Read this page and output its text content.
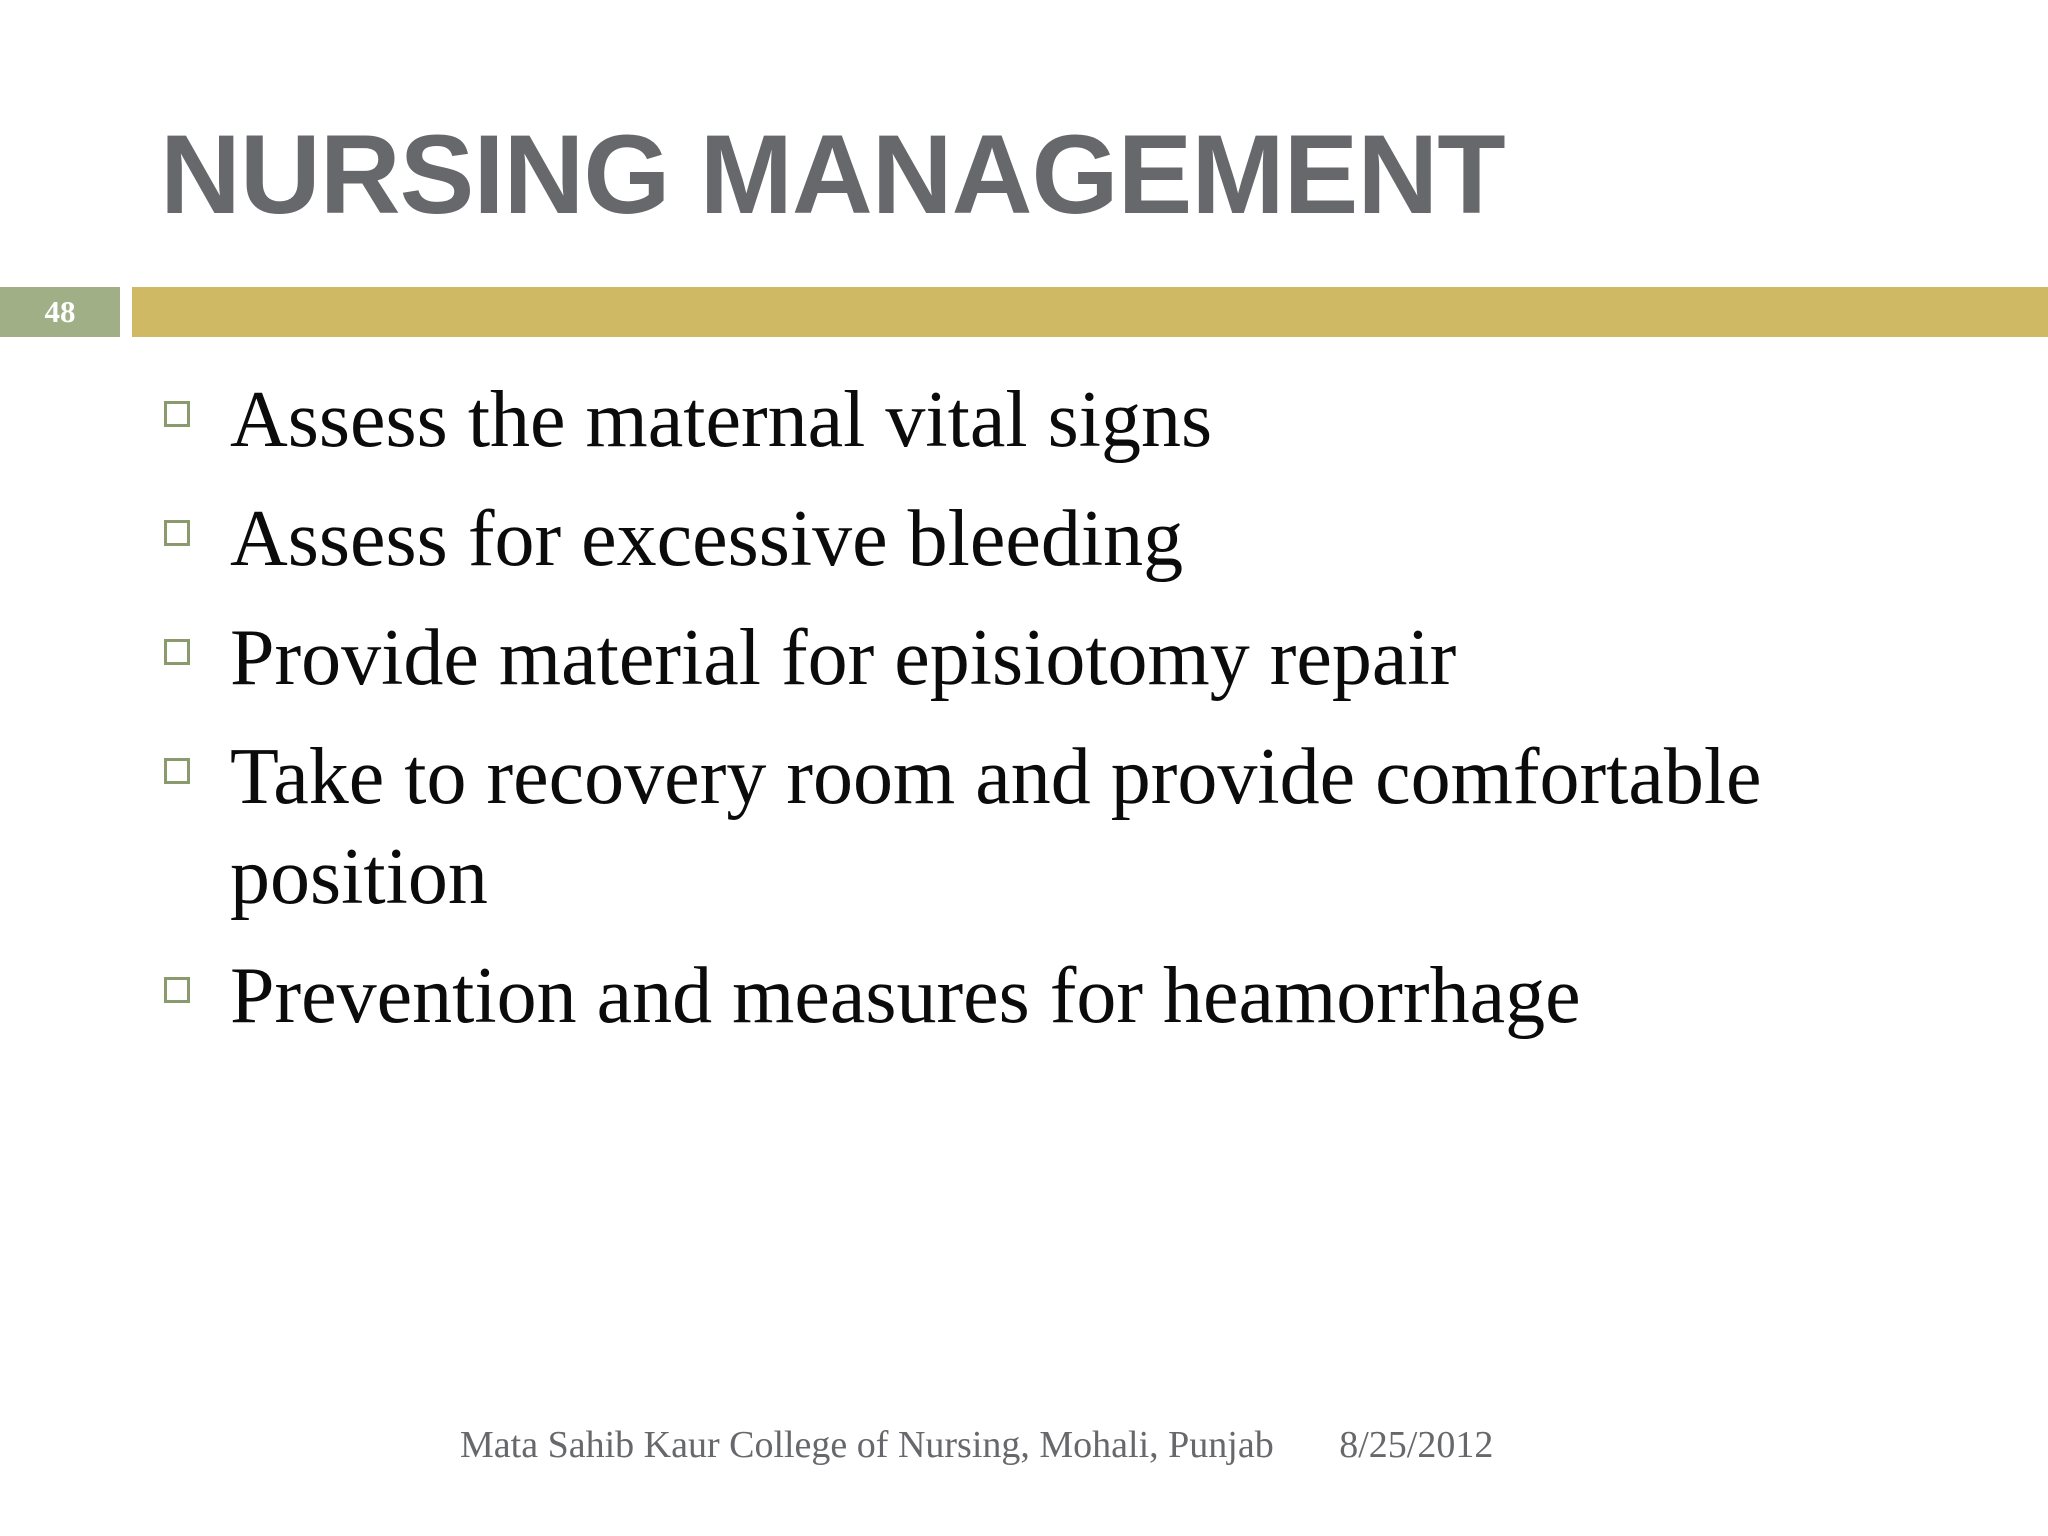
NURSING MANAGEMENT
48
Assess the maternal vital signs
Assess for excessive bleeding
Provide material for episiotomy repair
Take to recovery room and provide comfortable position
Prevention and measures for heamorrhage
Mata Sahib Kaur College of Nursing, Mohali, Punjab 8/25/2012
